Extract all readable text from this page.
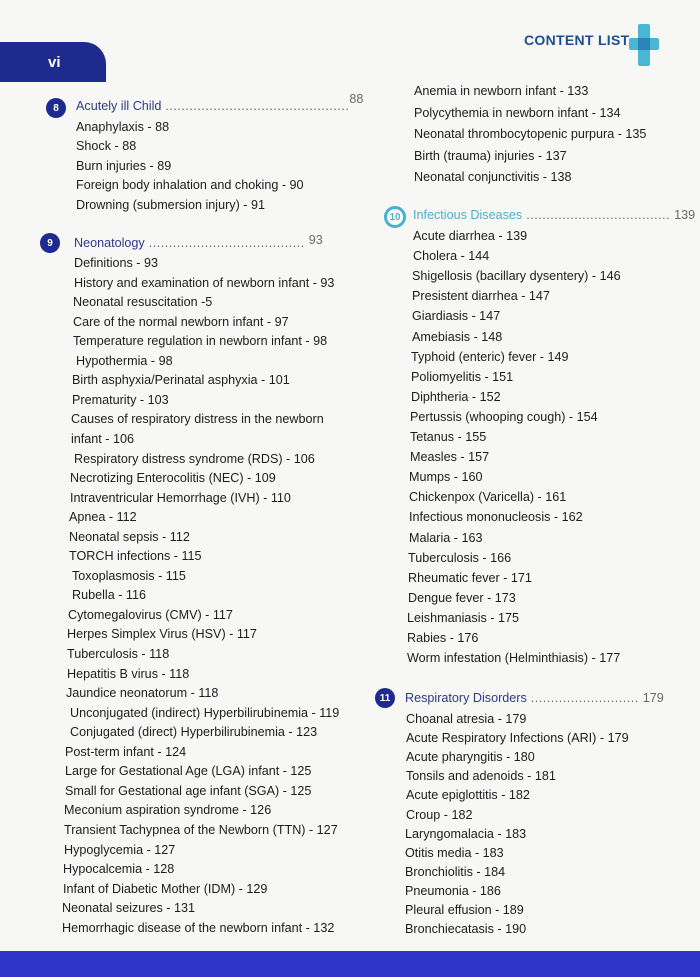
vi
CONTENT LIST
8	Acutely ill Child ..............................................88
Anaphylaxis - 88
Shock - 88
Burn injuries - 89
Foreign body inhalation and choking - 90
Drowning (submersion injury) - 91
9	Neonatology ....................................... 93
Definitions - 93
History and examination of newborn infant - 93
Neonatal resuscitation -5
Care of the normal newborn infant - 97
Temperature regulation in newborn infant - 98
Hypothermia - 98
Birth asphyxia/Perinatal asphyxia - 101
Prematurity - 103
Causes of respiratory distress in the newborn
infant - 106
Respiratory distress syndrome (RDS) - 106
Necrotizing Enterocolitis (NEC) - 109
Intraventricular Hemorrhage (IVH) - 110
Apnea - 112
Neonatal sepsis - 112
TORCH infections - 115
Toxoplasmosis - 115
Rubella - 116
Cytomegalovirus (CMV) - 117
Herpes Simplex Virus (HSV) - 117
Tuberculosis - 118
Hepatitis B virus - 118
Jaundice neonatorum - 118
Unconjugated (indirect) Hyperbilirubinemia - 119
Conjugated (direct) Hyperbilirubinemia - 123
Post-term infant - 124
Large for Gestational Age (LGA) infant - 125
Small for Gestational age infant (SGA) - 125
Meconium aspiration syndrome - 126
Transient Tachypnea of the Newborn (TTN) - 127
Hypoglycemia - 127
Hypocalcemia - 128
Infant of Diabetic Mother (IDM) - 129
Neonatal seizures - 131
Hemorrhagic disease of the newborn infant - 132
Anemia in newborn infant - 133
Polycythemia in newborn infant - 134
Neonatal thrombocytopenic purpura - 135
Birth (trauma) injuries - 137
Neonatal conjunctivitis - 138
10 Infectious Diseases .................................... 139
Acute diarrhea - 139
Cholera - 144
Shigellosis (bacillary dysentery) - 146
Presistent diarrhea - 147
Giardiasis - 147
Amebiasis - 148
Typhoid (enteric) fever - 149
Poliomyelitis - 151
Diphtheria - 152
Pertussis (whooping cough) - 154
Tetanus - 155
Measles - 157
Mumps - 160
Chickenpox (Varicella) - 161
Infectious mononucleosis - 162
Malaria - 163
Tuberculosis - 166
Rheumatic fever - 171
Dengue fever - 173
Leishmaniasis - 175
Rabies - 176
Worm infestation (Helminthiasis) - 177
11	Respiratory Disorders ........................... 179
Choanal atresia - 179
Acute Respiratory Infections (ARI) - 179
Acute pharyngitis - 180
Tonsils and adenoids - 181
Acute epiglottitis - 182
Croup - 182
Laryngomalacia - 183
Otitis media - 183
Bronchiolitis - 184
Pneumonia - 186
Pleural effusion - 189
Bronchiecatasis - 190
